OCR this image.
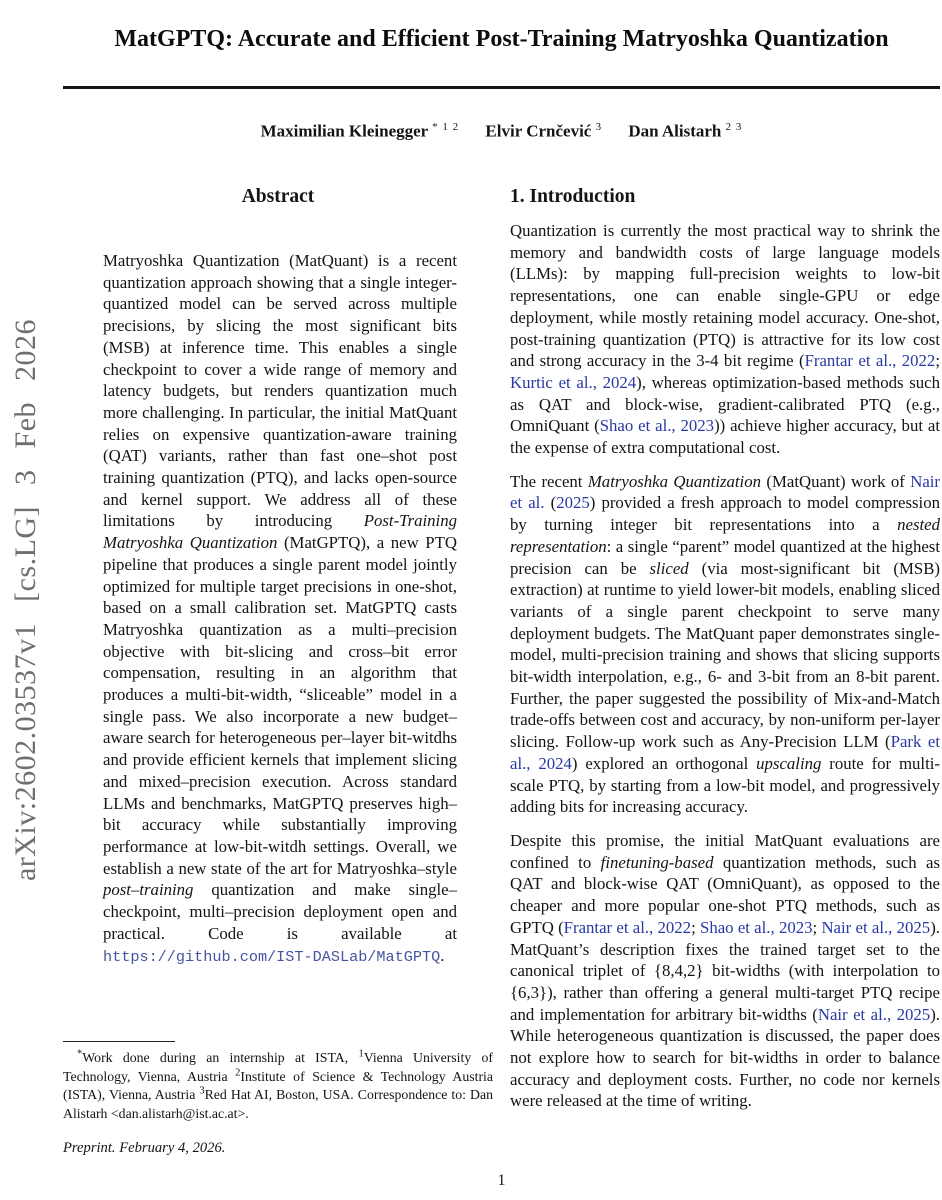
arXiv:2602.03537v1 [cs.LG] 3 Feb 2026
MatGPTQ: Accurate and Efficient Post-Training Matryoshka Quantization
Maximilian Kleinegger $^{* 1 2}$ Elvir Crnčević $^3$ Dan Alistarh $^{2 3}$
Abstract
Matryoshka Quantization (MatQuant) is a recent quantization approach showing that a single integer-quantized model can be served across multiple precisions, by slicing the most significant bits (MSB) at inference time. This enables a single checkpoint to cover a wide range of memory and latency budgets, but renders quantization much more challenging. In particular, the initial MatQuant relies on expensive quantization-aware training (QAT) variants, rather than fast one–shot post training quantization (PTQ), and lacks open-source and kernel support. We address all of these limitations by introducing Post-Training Matryoshka Quantization (MatGPTQ), a new PTQ pipeline that produces a single parent model jointly optimized for multiple target precisions in one-shot, based on a small calibration set. MatGPTQ casts Matryoshka quantization as a multi–precision objective with bit-slicing and cross–bit error compensation, resulting in an algorithm that produces a multi-bit-width, “sliceable” model in a single pass. We also incorporate a new budget–aware search for heterogeneous per–layer bit-witdhs and provide efficient kernels that implement slicing and mixed–precision execution. Across standard LLMs and benchmarks, MatGPTQ preserves high–bit accuracy while substantially improving performance at low-bit-witdh settings. Overall, we establish a new state of the art for Matryoshka–style post–training quantization and make single–checkpoint, multi–precision deployment open and practical. Code is available at https://github.com/IST-DASLab/MatGPTQ.
1. Introduction
Quantization is currently the most practical way to shrink the memory and bandwidth costs of large language models (LLMs): by mapping full-precision weights to low-bit representations, one can enable single-GPU or edge deployment, while mostly retaining model accuracy. One-shot, post-training quantization (PTQ) is attractive for its low cost and strong accuracy in the 3-4 bit regime (Frantar et al., 2022; Kurtic et al., 2024), whereas optimization-based methods such as QAT and block-wise, gradient-calibrated PTQ (e.g., OmniQuant (Shao et al., 2023)) achieve higher accuracy, but at the expense of extra computational cost.
The recent Matryoshka Quantization (MatQuant) work of Nair et al. (2025) provided a fresh approach to model compression by turning integer bit representations into a nested representation: a single “parent” model quantized at the highest precision can be sliced (via most-significant bit (MSB) extraction) at runtime to yield lower-bit models, enabling sliced variants of a single parent checkpoint to serve many deployment budgets. The MatQuant paper demonstrates single-model, multi-precision training and shows that slicing supports bit-width interpolation, e.g., 6- and 3-bit from an 8-bit parent. Further, the paper suggested the possibility of Mix-and-Match trade-offs between cost and accuracy, by non-uniform per-layer slicing. Follow-up work such as Any-Precision LLM (Park et al., 2024) explored an orthogonal upscaling route for multi-scale PTQ, by starting from a low-bit model, and progressively adding bits for increasing accuracy.
Despite this promise, the initial MatQuant evaluations are confined to finetuning-based quantization methods, such as QAT and block-wise QAT (OmniQuant), as opposed to the cheaper and more popular one-shot PTQ methods, such as GPTQ (Frantar et al., 2022; Shao et al., 2023; Nair et al., 2025). MatQuant’s description fixes the trained target set to the canonical triplet of {8,4,2} bit-widths (with interpolation to {6,3}), rather than offering a general multi-target PTQ recipe and implementation for arbitrary bit-widths (Nair et al., 2025). While heterogeneous quantization is discussed, the paper does not explore how to search for bit-widths in order to balance accuracy and deployment costs. Further, no code nor kernels were released at the time of writing.
*Work done during an internship at ISTA, $^1$Vienna University of Technology, Vienna, Austria $^2$Institute of Science & Technology Austria (ISTA), Vienna, Austria $^3$Red Hat AI, Boston, USA. Correspondence to: Dan Alistarh <dan.alistarh@ist.ac.at>.
Preprint. February 4, 2026.
1
